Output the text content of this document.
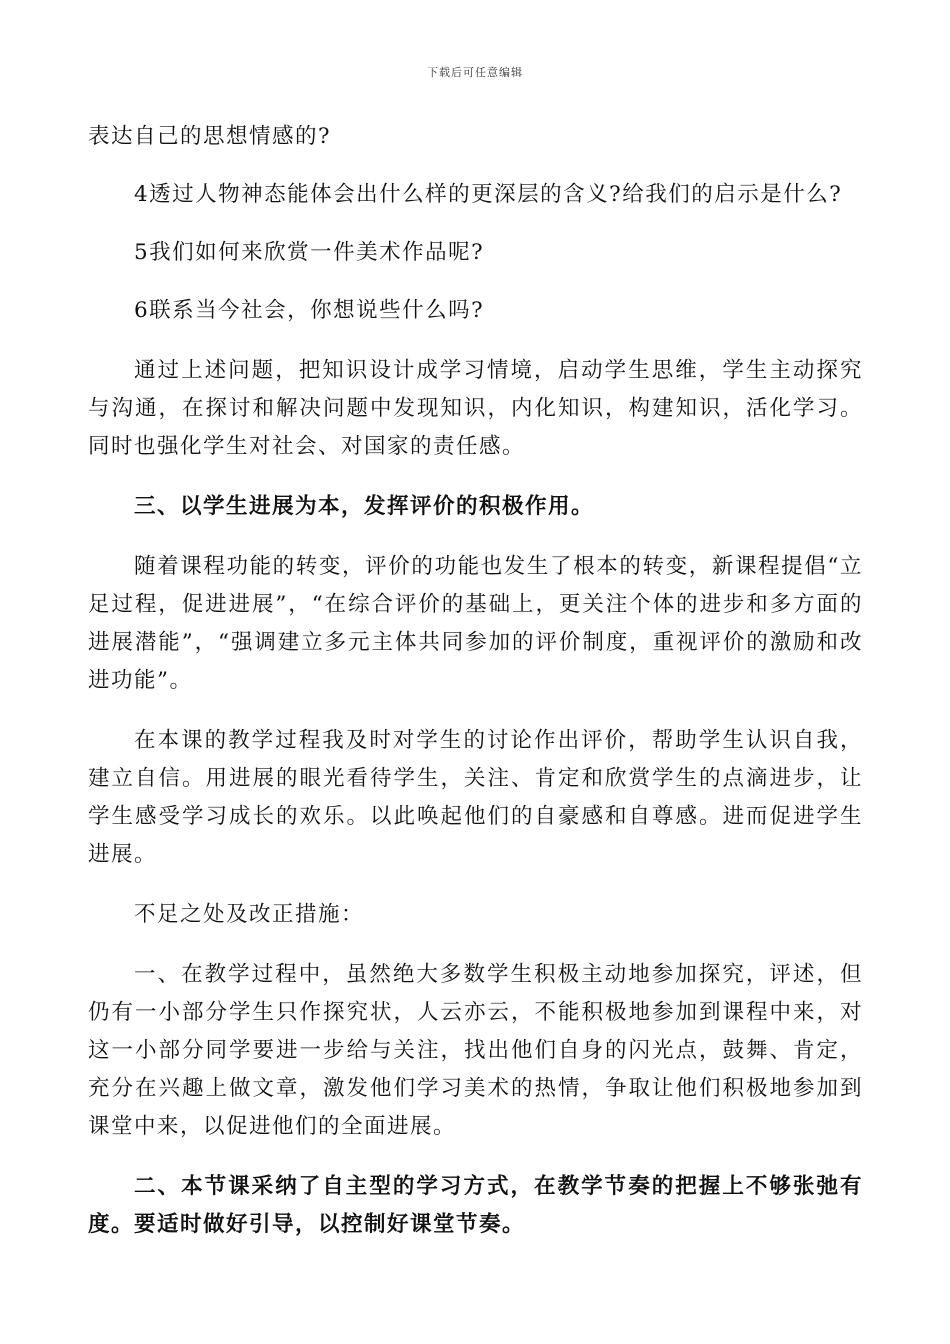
下载后可任意编辑

表达自己的思想情感的?

4透过人物神态能体会出什么样的更深层的含义?给我们的启示是什么?

5我们如何来欣赏一件美术作品呢?

6联系当今社会，你想说些什么吗?

通过上述问题，把知识设计成学习情境，启动学生思维，学生主动探究与沟通，在探讨和解决问题中发现知识，内化知识，构建知识，活化学习。同时也强化学生对社会、对国家的责任感。

三、以学生进展为本，发挥评价的积极作用。

随着课程功能的转变，评价的功能也发生了根本的转变，新课程提倡“立足过程，促进进展”，“在综合评价的基础上，更关注个体的进步和多方面的进展潜能”，“强调建立多元主体共同参加的评价制度，重视评价的激励和改进功能”。

在本课的教学过程我及时对学生的讨论作出评价，帮助学生认识自我，建立自信。用进展的眼光看待学生，关注、肯定和欣赏学生的点滴进步，让学生感受学习成长的欢乐。以此唤起他们的自豪感和自尊感。进而促进学生进展。

不足之处及改正措施：

一、在教学过程中，虽然绝大多数学生积极主动地参加探究，评述，但仍有一小部分学生只作探究状，人云亦云，不能积极地参加到课程中来，对这一小部分同学要进一步给与关注，找出他们自身的闪光点，鼓舞、肯定，充分在兴趣上做文章，激发他们学习美术的热情，争取让他们积极地参加到课堂中来，以促进他们的全面进展。

二、本节课采纳了自主型的学习方式，在教学节奏的把握上不够张弛有度。要适时做好引导，以控制好课堂节奏。
